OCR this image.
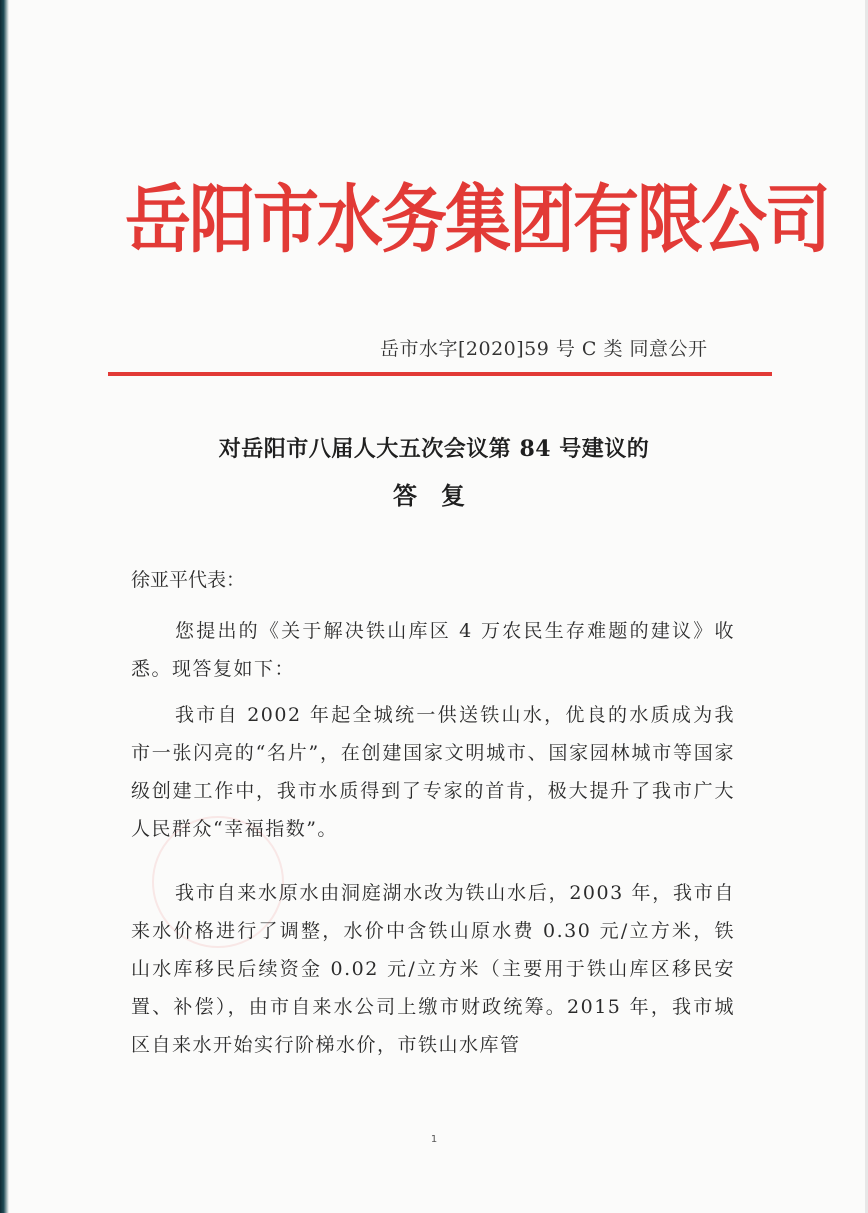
岳阳市水务集团有限公司
岳市水字[2020]59 号 C 类 同意公开
对岳阳市八届人大五次会议第 84 号建议的
答复
徐亚平代表：

您提出的《关于解决铁山库区 4 万农民生存难题的建议》收悉。现答复如下：

我市自 2002 年起全城统一供送铁山水，优良的水质成为我市一张闪亮的“名片”，在创建国家文明城市、国家园林城市等国家级创建工作中，我市水质得到了专家的首肯，极大提升了我市广大人民群众“幸福指数”。

我市自来水原水由洞庭湖水改为铁山水后，2003 年，我市自来水价格进行了调整，水价中含铁山原水费 0.30 元/立方米，铁山水库移民后续资金 0.02 元/立方米（主要用于铁山库区移民安置、补偿），由市自来水公司上缴市财政统筹。2015 年，我市城区自来水开始实行阶梯水价，市铁山水库管

1
